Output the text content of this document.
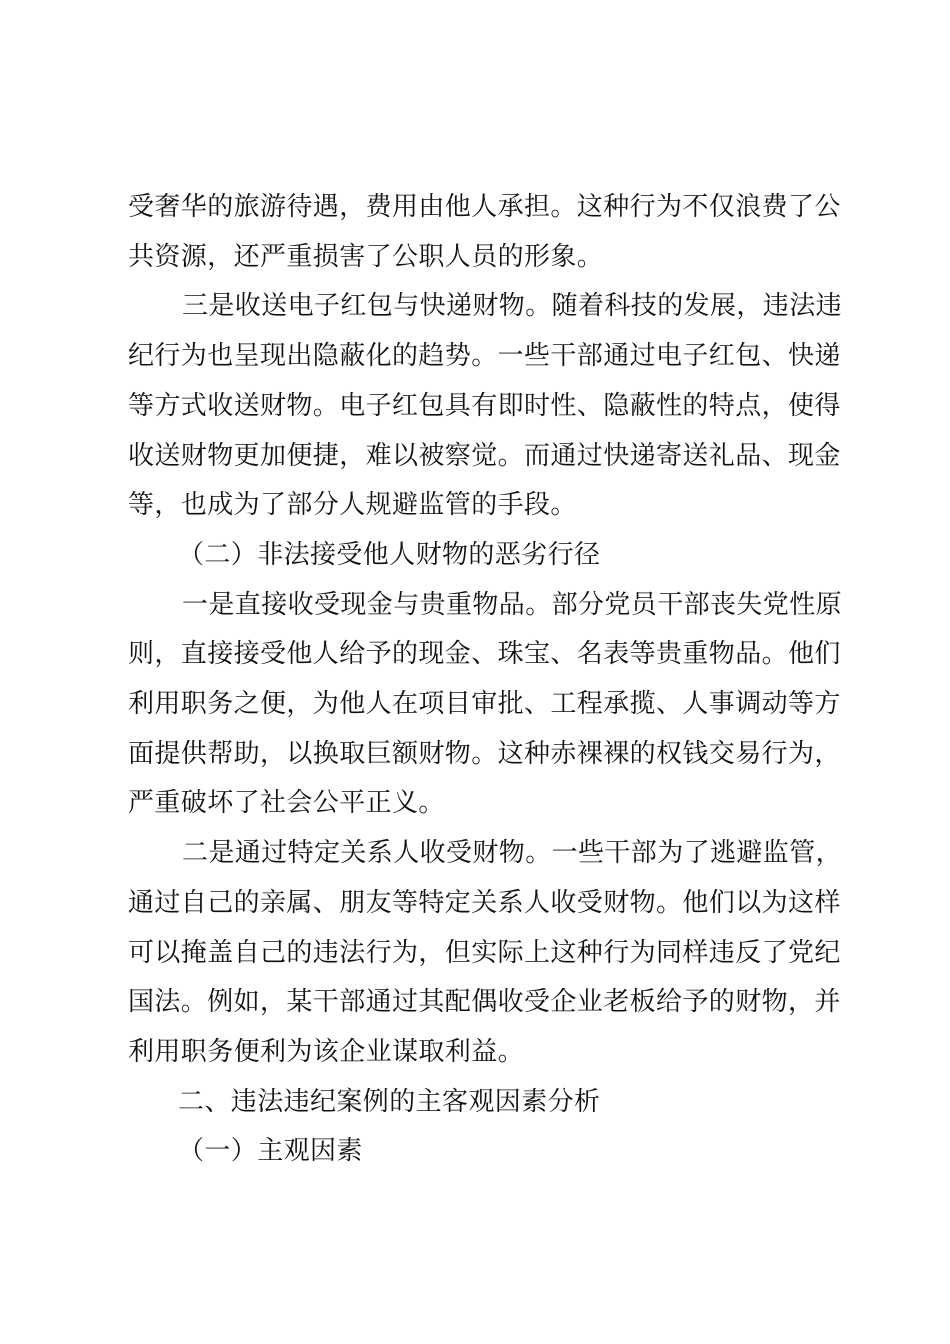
受奢华的旅游待遇，费用由他人承担。这种行为不仅浪费了公
共资源，还严重损害了公职人员的形象。

三是收送电子红包与快递财物。随着科技的发展，违法违
纪行为也呈现出隐蔽化的趋势。一些干部通过电子红包、快递
等方式收送财物。电子红包具有即时性、隐蔽性的特点，使得
收送财物更加便捷，难以被察觉。而通过快递寄送礼品、现金
等，也成为了部分人规避监管的手段。

（二）非法接受他人财物的恶劣行径

一是直接收受现金与贵重物品。部分党员干部丧失党性原
则，直接接受他人给予的现金、珠宝、名表等贵重物品。他们
利用职务之便，为他人在项目审批、工程承揽、人事调动等方
面提供帮助，以换取巨额财物。这种赤裸裸的权钱交易行为，
严重破坏了社会公平正义。

二是通过特定关系人收受财物。一些干部为了逃避监管，
通过自己的亲属、朋友等特定关系人收受财物。他们以为这样
可以掩盖自己的违法行为，但实际上这种行为同样违反了党纪
国法。例如，某干部通过其配偶收受企业老板给予的财物，并
利用职务便利为该企业谋取利益。

二、违法违纪案例的主客观因素分析

（一）主观因素
